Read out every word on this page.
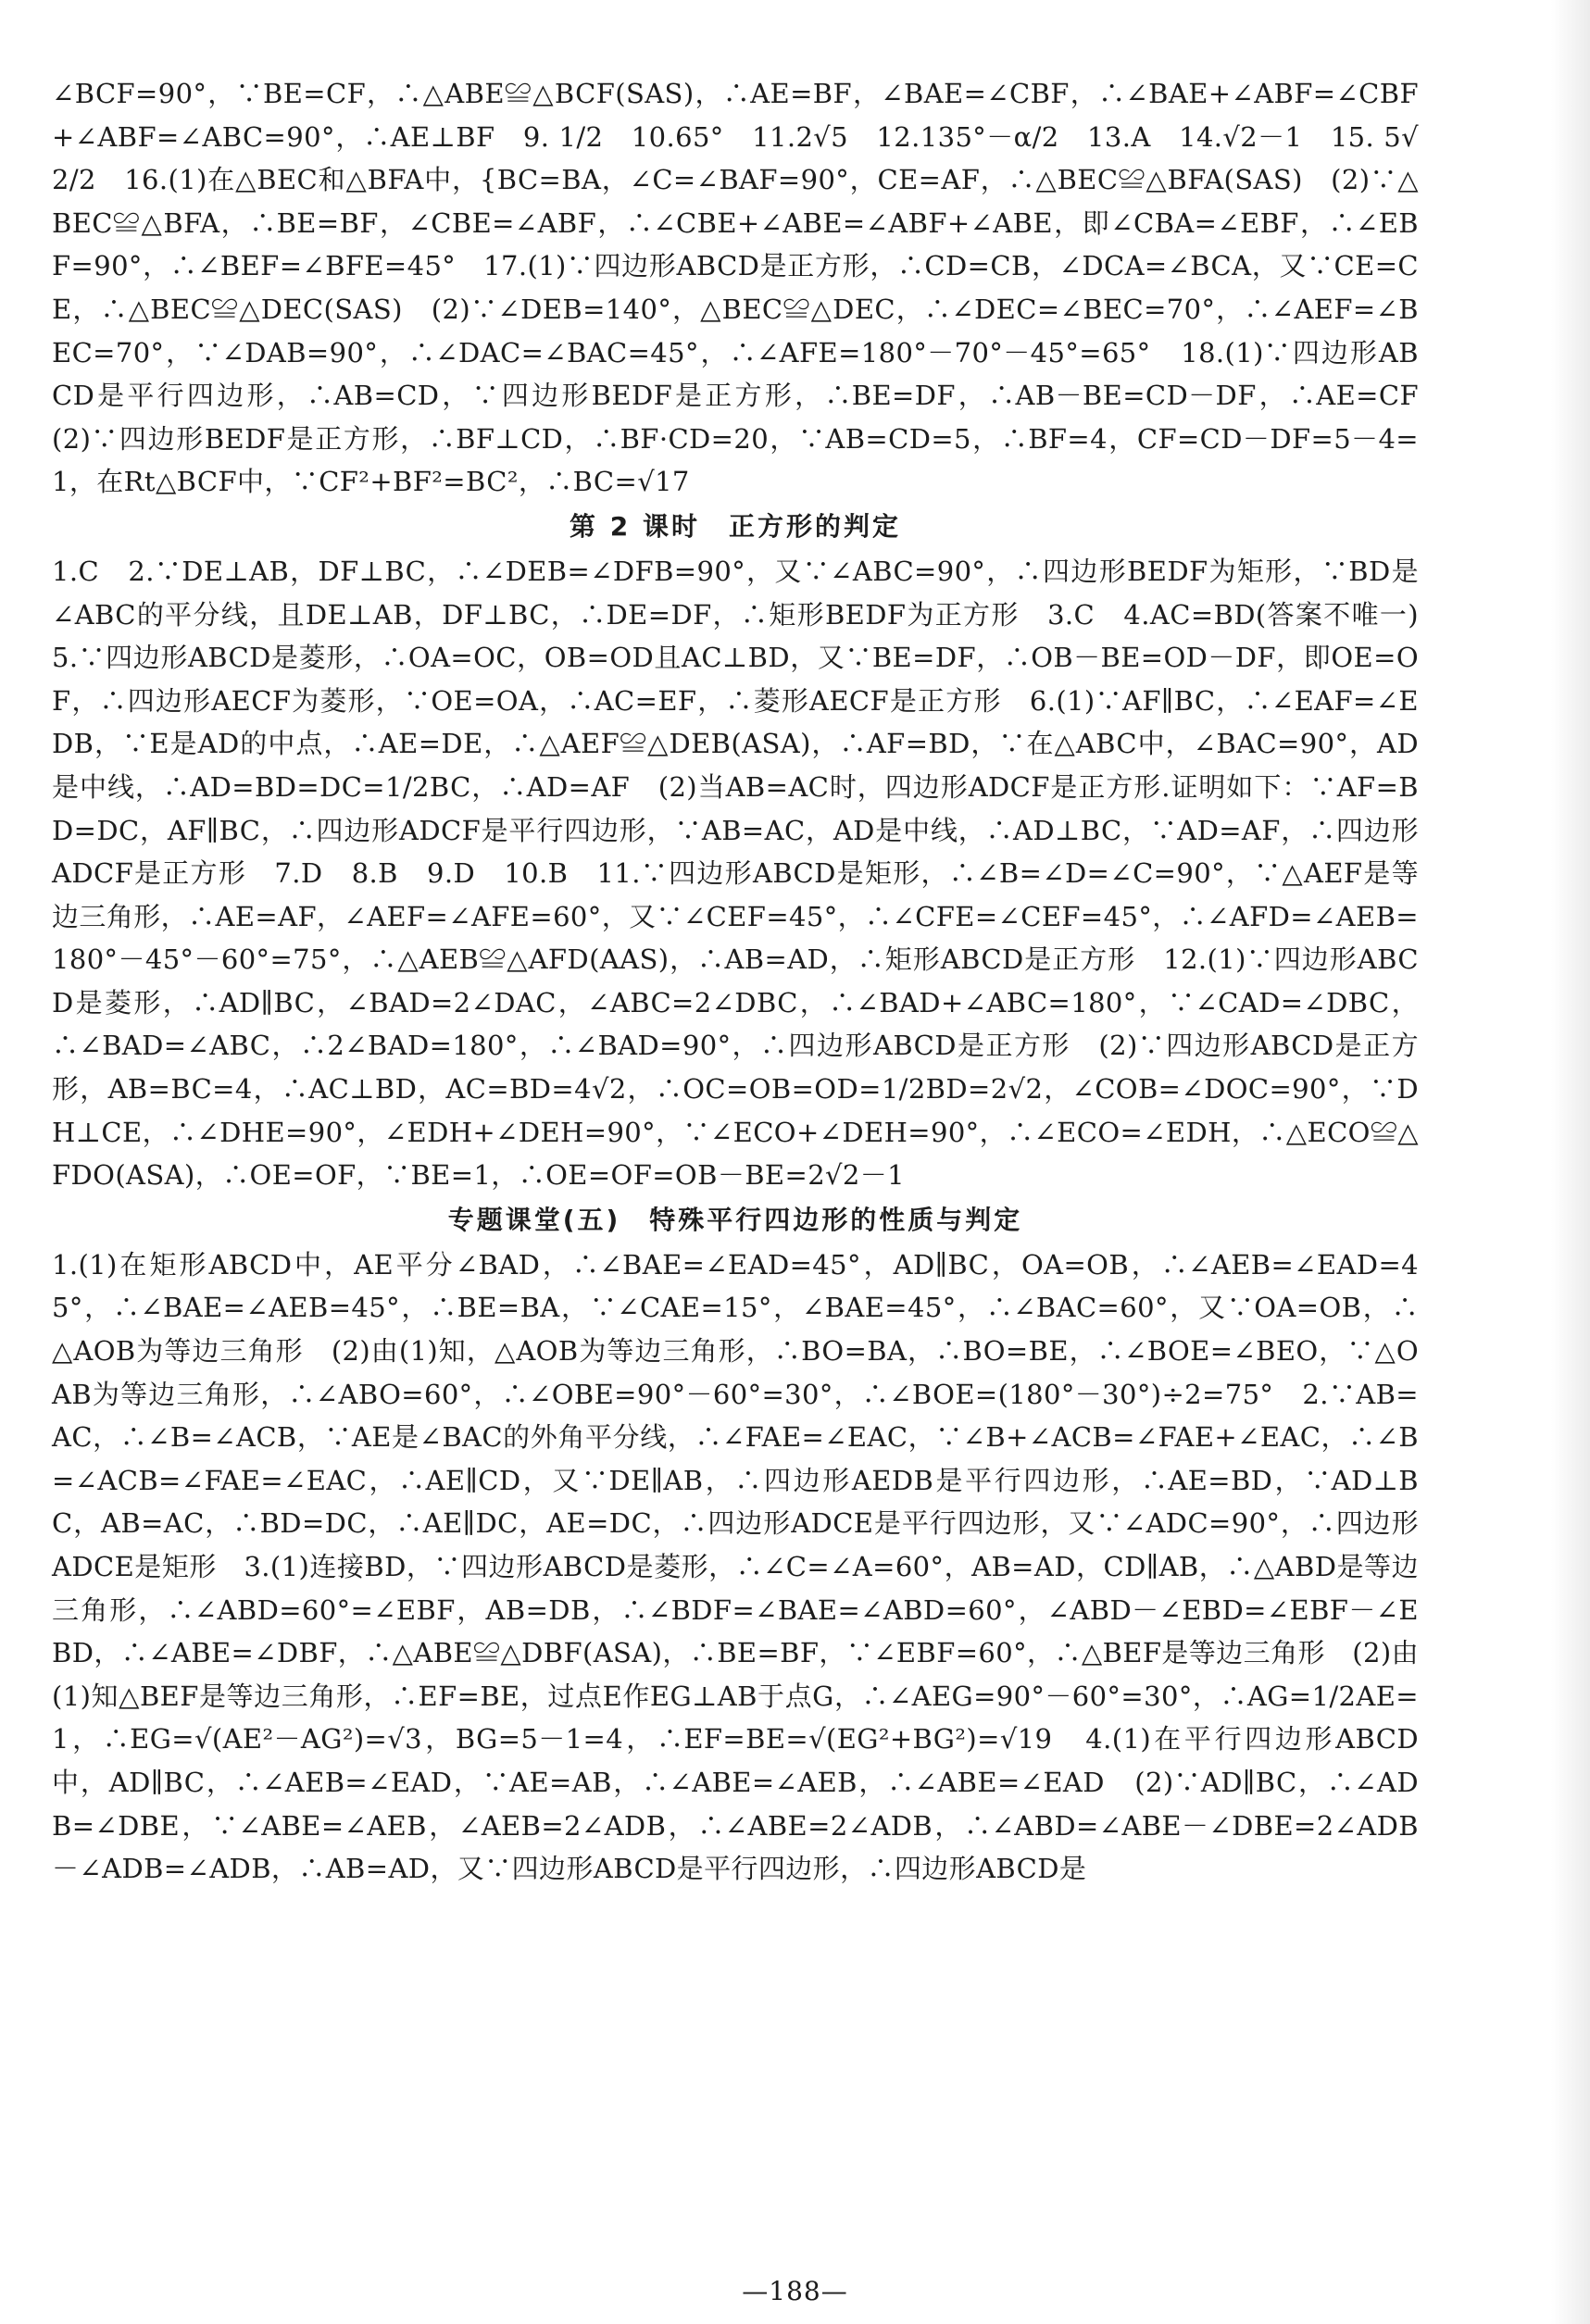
∠BCF=90°，∵BE=CF，∴△ABE≌△BCF(SAS)，∴AE=BF，∠BAE=∠CBF，∴∠BAE+∠ABF=∠CBF+∠ABF=∠ABC=90°，∴AE⊥BF　9. 1/2　10.65°　11.2√5　12.135°－α/2　13.A　14.√2－1　15. 5√2/2　16.(1)在△BEC和△BFA中，{BC=BA，∠C=∠BAF=90°，CE=AF，∴△BEC≌△BFA(SAS)　(2)∵△BEC≌△BFA，∴BE=BF，∠CBE=∠ABF，∴∠CBE+∠ABE=∠ABF+∠ABE，即∠CBA=∠EBF，∴∠EBF=90°，∴∠BEF=∠BFE=45°　17.(1)∵四边形ABCD是正方形，∴CD=CB，∠DCA=∠BCA，又∵CE=CE，∴△BEC≌△DEC(SAS)　(2)∵∠DEB=140°，△BEC≌△DEC，∴∠DEC=∠BEC=70°，∴∠AEF=∠BEC=70°，∵∠DAB=90°，∴∠DAC=∠BAC=45°，∴∠AFE=180°－70°－45°=65°　18.(1)∵四边形ABCD是平行四边形，∴AB=CD，∵四边形BEDF是正方形，∴BE=DF，∴AB－BE=CD－DF，∴AE=CF　(2)∵四边形BEDF是正方形，∴BF⊥CD，∴BF·CD=20，∵AB=CD=5，∴BF=4，CF=CD－DF=5－4=1，在Rt△BCF中，∵CF²+BF²=BC²，∴BC=√17

第 2 课时　正方形的判定

1.C　2.∵DE⊥AB，DF⊥BC，∴∠DEB=∠DFB=90°，又∵∠ABC=90°，∴四边形BEDF为矩形，∵BD是∠ABC的平分线，且DE⊥AB，DF⊥BC，∴DE=DF，∴矩形BEDF为正方形　3.C　4.AC=BD(答案不唯一)　5.∵四边形ABCD是菱形，∴OA=OC，OB=OD且AC⊥BD，又∵BE=DF，∴OB－BE=OD－DF，即OE=OF，∴四边形AECF为菱形，∵OE=OA，∴AC=EF，∴菱形AECF是正方形　6.(1)∵AF∥BC，∴∠EAF=∠EDB，∵E是AD的中点，∴AE=DE，∴△AEF≌△DEB(ASA)，∴AF=BD，∵在△ABC中，∠BAC=90°，AD是中线，∴AD=BD=DC=1/2BC，∴AD=AF　(2)当AB=AC时，四边形ADCF是正方形.证明如下：∵AF=BD=DC，AF∥BC，∴四边形ADCF是平行四边形，∵AB=AC，AD是中线，∴AD⊥BC，∵AD=AF，∴四边形ADCF是正方形　7.D　8.B　9.D　10.B　11.∵四边形ABCD是矩形，∴∠B=∠D=∠C=90°，∵△AEF是等边三角形，∴AE=AF，∠AEF=∠AFE=60°，又∵∠CEF=45°，∴∠CFE=∠CEF=45°，∴∠AFD=∠AEB=180°－45°－60°=75°，∴△AEB≌△AFD(AAS)，∴AB=AD，∴矩形ABCD是正方形　12.(1)∵四边形ABCD是菱形，∴AD∥BC，∠BAD=2∠DAC，∠ABC=2∠DBC，∴∠BAD+∠ABC=180°，∵∠CAD=∠DBC，∴∠BAD=∠ABC，∴2∠BAD=180°，∴∠BAD=90°，∴四边形ABCD是正方形　(2)∵四边形ABCD是正方形，AB=BC=4，∴AC⊥BD，AC=BD=4√2，∴OC=OB=OD=1/2BD=2√2，∠COB=∠DOC=90°，∵DH⊥CE，∴∠DHE=90°，∠EDH+∠DEH=90°，∵∠ECO+∠DEH=90°，∴∠ECO=∠EDH，∴△ECO≌△FDO(ASA)，∴OE=OF，∵BE=1，∴OE=OF=OB－BE=2√2－1

专题课堂(五)　特殊平行四边形的性质与判定

1.(1)在矩形ABCD中，AE平分∠BAD，∴∠BAE=∠EAD=45°，AD∥BC，OA=OB，∴∠AEB=∠EAD=45°，∴∠BAE=∠AEB=45°，∴BE=BA，∵∠CAE=15°，∠BAE=45°，∴∠BAC=60°，又∵OA=OB，∴△AOB为等边三角形　(2)由(1)知，△AOB为等边三角形，∴BO=BA，∴BO=BE，∴∠BOE=∠BEO，∵△OAB为等边三角形，∴∠ABO=60°，∴∠OBE=90°－60°=30°，∴∠BOE=(180°－30°)÷2=75°　2.∵AB=AC，∴∠B=∠ACB，∵AE是∠BAC的外角平分线，∴∠FAE=∠EAC，∵∠B+∠ACB=∠FAE+∠EAC，∴∠B=∠ACB=∠FAE=∠EAC，∴AE∥CD，又∵DE∥AB，∴四边形AEDB是平行四边形，∴AE=BD，∵AD⊥BC，AB=AC，∴BD=DC，∴AE∥DC，AE=DC，∴四边形ADCE是平行四边形，又∵∠ADC=90°，∴四边形ADCE是矩形　3.(1)连接BD，∵四边形ABCD是菱形，∴∠C=∠A=60°，AB=AD，CD∥AB，∴△ABD是等边三角形，∴∠ABD=60°=∠EBF，AB=DB，∴∠BDF=∠BAE=∠ABD=60°，∠ABD－∠EBD=∠EBF－∠EBD，∴∠ABE=∠DBF，∴△ABE≌△DBF(ASA)，∴BE=BF，∵∠EBF=60°，∴△BEF是等边三角形　(2)由(1)知△BEF是等边三角形，∴EF=BE，过点E作EG⊥AB于点G，∴∠AEG=90°－60°=30°，∴AG=1/2AE=1，∴EG=√(AE²－AG²)=√3，BG=5－1=4，∴EF=BE=√(EG²+BG²)=√19　4.(1)在平行四边形ABCD中，AD∥BC，∴∠AEB=∠EAD，∵AE=AB，∴∠ABE=∠AEB，∴∠ABE=∠EAD　(2)∵AD∥BC，∴∠ADB=∠DBE，∵∠ABE=∠AEB，∠AEB=2∠ADB，∴∠ABE=2∠ADB，∴∠ABD=∠ABE－∠DBE=2∠ADB－∠ADB=∠ADB，∴AB=AD，又∵四边形ABCD是平行四边形，∴四边形ABCD是

—188—
